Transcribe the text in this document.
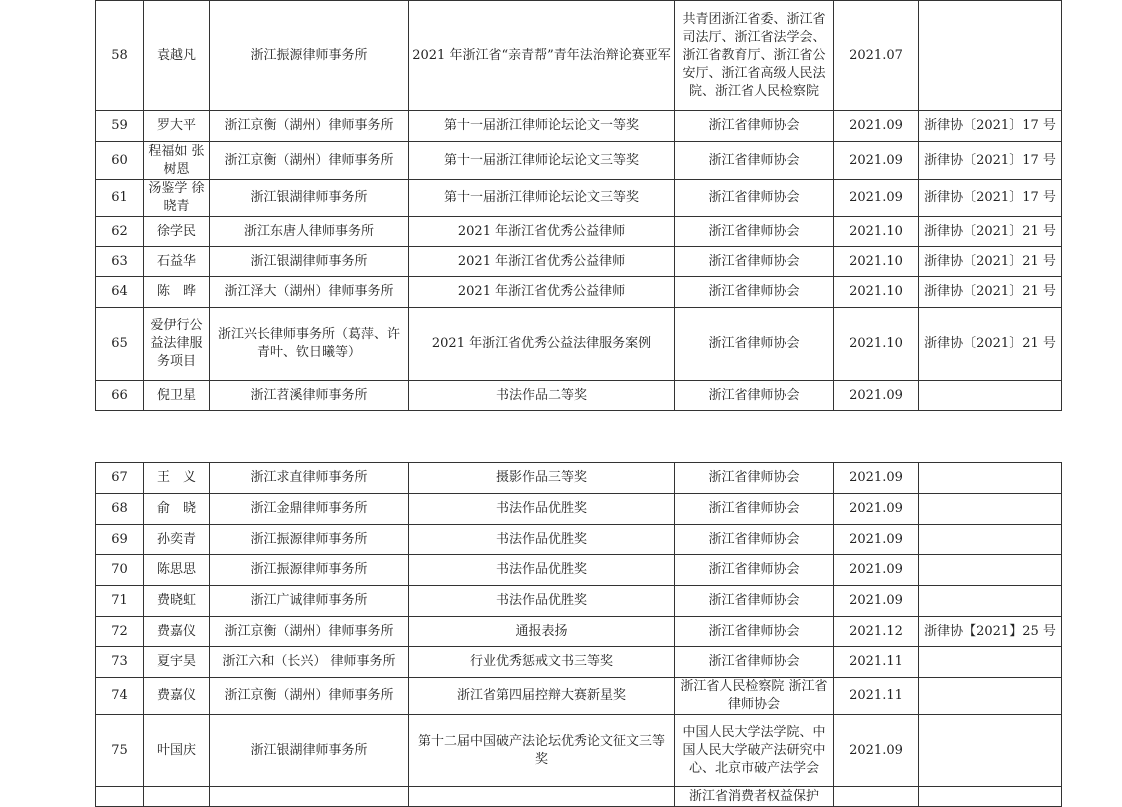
58	袁越凡	浙江振源律师事务所	2021 年浙江省“亲青帮”青年法治辩论赛亚军	共青团浙江省委、浙江省司法厅、浙江省法学会、浙江省教育厅、浙江省公安厅、浙江省高级人民法院、浙江省人民检察院	2021.07	
59	罗大平	浙江京衡（湖州）律师事务所	第十一届浙江律师论坛论文一等奖	浙江省律师协会	2021.09	浙律协〔2021〕17 号
60	程福如 张树恩	浙江京衡（湖州）律师事务所	第十一届浙江律师论坛论文三等奖	浙江省律师协会	2021.09	浙律协〔2021〕17 号
61	汤鉴学 徐晓青	浙江银湖律师事务所	第十一届浙江律师论坛论文三等奖	浙江省律师协会	2021.09	浙律协〔2021〕17 号
62	徐学民	浙江东唐人律师事务所	2021 年浙江省优秀公益律师	浙江省律师协会	2021.10	浙律协〔2021〕21 号
63	石益华	浙江银湖律师事务所	2021 年浙江省优秀公益律师	浙江省律师协会	2021.10	浙律协〔2021〕21 号
64	陈　晔	浙江泽大（湖州）律师事务所	2021 年浙江省优秀公益律师	浙江省律师协会	2021.10	浙律协〔2021〕21 号
65	爱伊行公益法律服务项目	浙江兴长律师事务所（葛萍、许青叶、钦日曦等）	2021 年浙江省优秀公益法律服务案例	浙江省律师协会	2021.10	浙律协〔2021〕21 号
66	倪卫星	浙江苕溪律师事务所	书法作品二等奖	浙江省律师协会	2021.09	
67	王　义	浙江求直律师事务所	摄影作品三等奖	浙江省律师协会	2021.09	
68	俞　晓	浙江金鼎律师事务所	书法作品优胜奖	浙江省律师协会	2021.09	
69	孙奕青	浙江振源律师事务所	书法作品优胜奖	浙江省律师协会	2021.09	
70	陈思思	浙江振源律师事务所	书法作品优胜奖	浙江省律师协会	2021.09	
71	费晓虹	浙江广诚律师事务所	书法作品优胜奖	浙江省律师协会	2021.09	
72	费嘉仪	浙江京衡（湖州）律师事务所	通报表扬	浙江省律师协会	2021.12	浙律协【2021】25 号
73	夏宇昊	浙江六和（长兴） 律师事务所	行业优秀惩戒文书三等奖	浙江省律师协会	2021.11	
74	费嘉仪	浙江京衡（湖州）律师事务所	浙江省第四届控辩大赛新星奖	浙江省人民检察院 浙江省律师协会	2021.11	
75	叶国庆	浙江银湖律师事务所	第十二届中国破产法论坛优秀论文征文三等奖	中国人民大学法学院、中国人民大学破产法研究中心、北京市破产法学会	2021.09	
				浙江省消费者权益保护		
